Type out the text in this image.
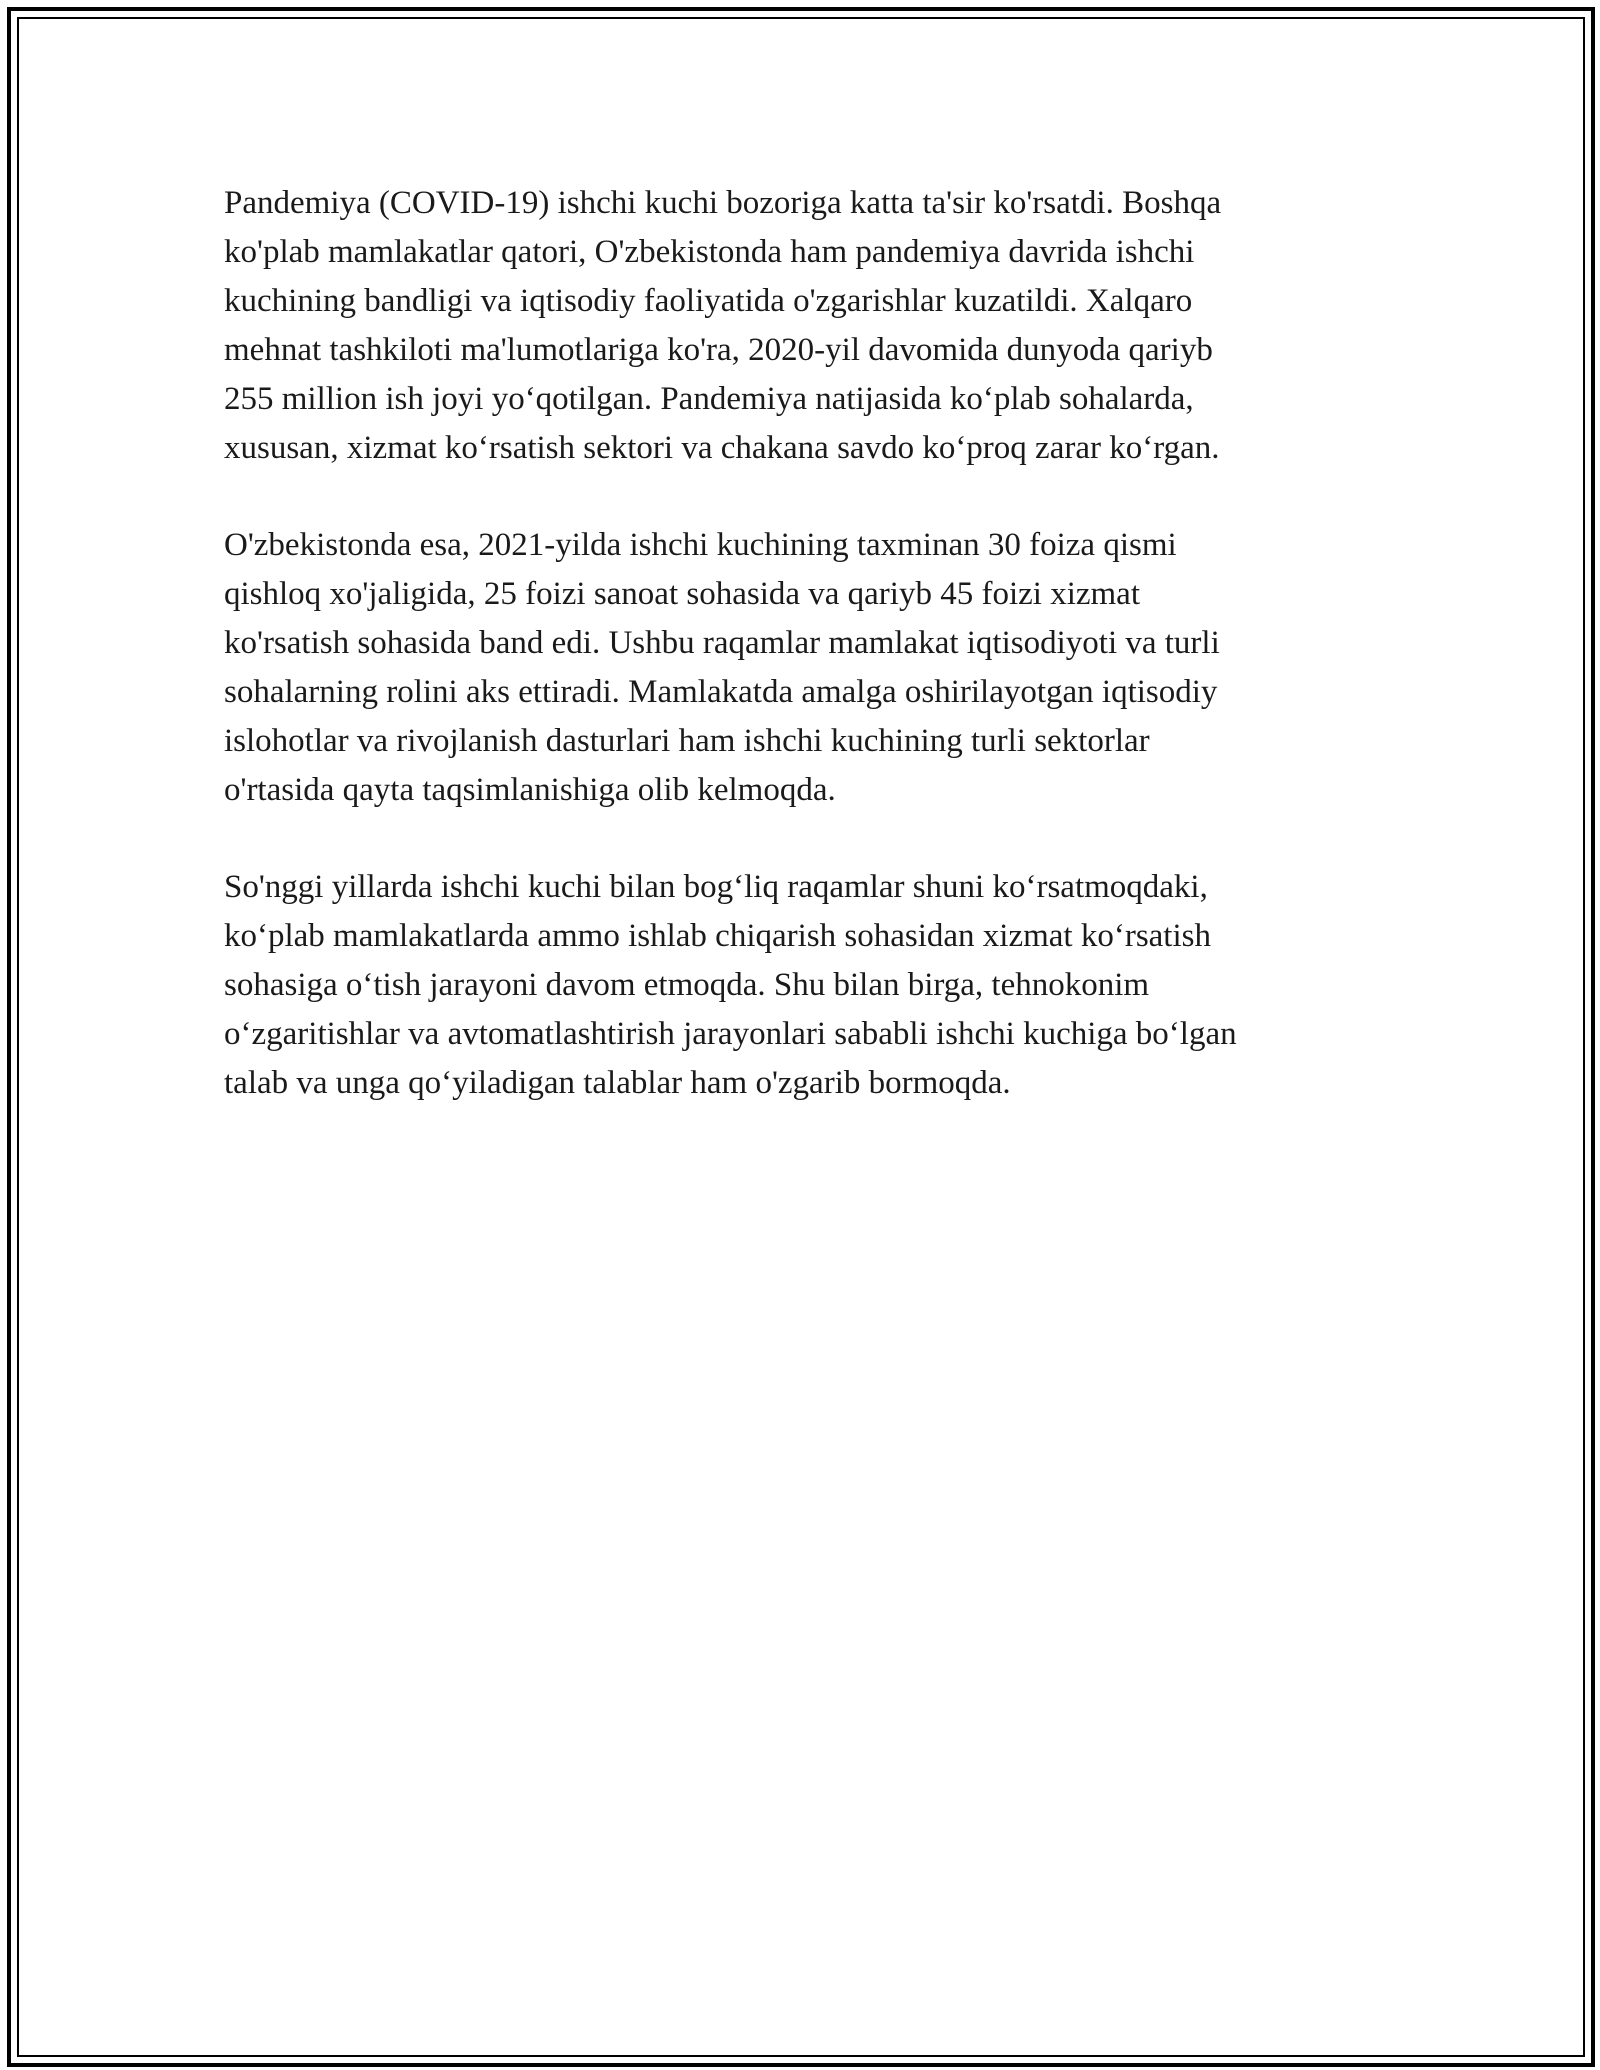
Pandemiya (COVID-19) ishchi kuchi bozoriga katta ta'sir ko'rsatdi. Boshqa
ko'plab mamlakatlar qatori, O'zbekistonda ham pandemiya davrida ishchi
kuchining bandligi va iqtisodiy faoliyatida o'zgarishlar kuzatildi. Xalqaro
mehnat tashkiloti ma'lumotlariga ko'ra, 2020-yil davomida dunyoda qariyb
255 million ish joyi yo‘qotilgan. Pandemiya natijasida ko‘plab sohalarda,
xususan, xizmat ko‘rsatish sektori va chakana savdo ko‘proq zarar ko‘rgan.

O'zbekistonda esa, 2021-yilda ishchi kuchining taxminan 30 foiza qismi
qishloq xo'jaligida, 25 foizi sanoat sohasida va qariyb 45 foizi xizmat
ko'rsatish sohasida band edi. Ushbu raqamlar mamlakat iqtisodiyoti va turli
sohalarning rolini aks ettiradi. Mamlakatda amalga oshirilayotgan iqtisodiy
islohotlar va rivojlanish dasturlari ham ishchi kuchining turli sektorlar
o'rtasida qayta taqsimlanishiga olib kelmoqda.

So'nggi yillarda ishchi kuchi bilan bog‘liq raqamlar shuni ko‘rsatmoqdaki,
ko‘plab mamlakatlarda ammo ishlab chiqarish sohasidan xizmat ko‘rsatish
sohasiga o‘tish jarayoni davom etmoqda. Shu bilan birga, tehnokonim
o‘zgaritishlar va avtomatlashtirish jarayonlari sababli ishchi kuchiga bo‘lgan
talab va unga qo‘yiladigan talablar ham o'zgarib bormoqda.
